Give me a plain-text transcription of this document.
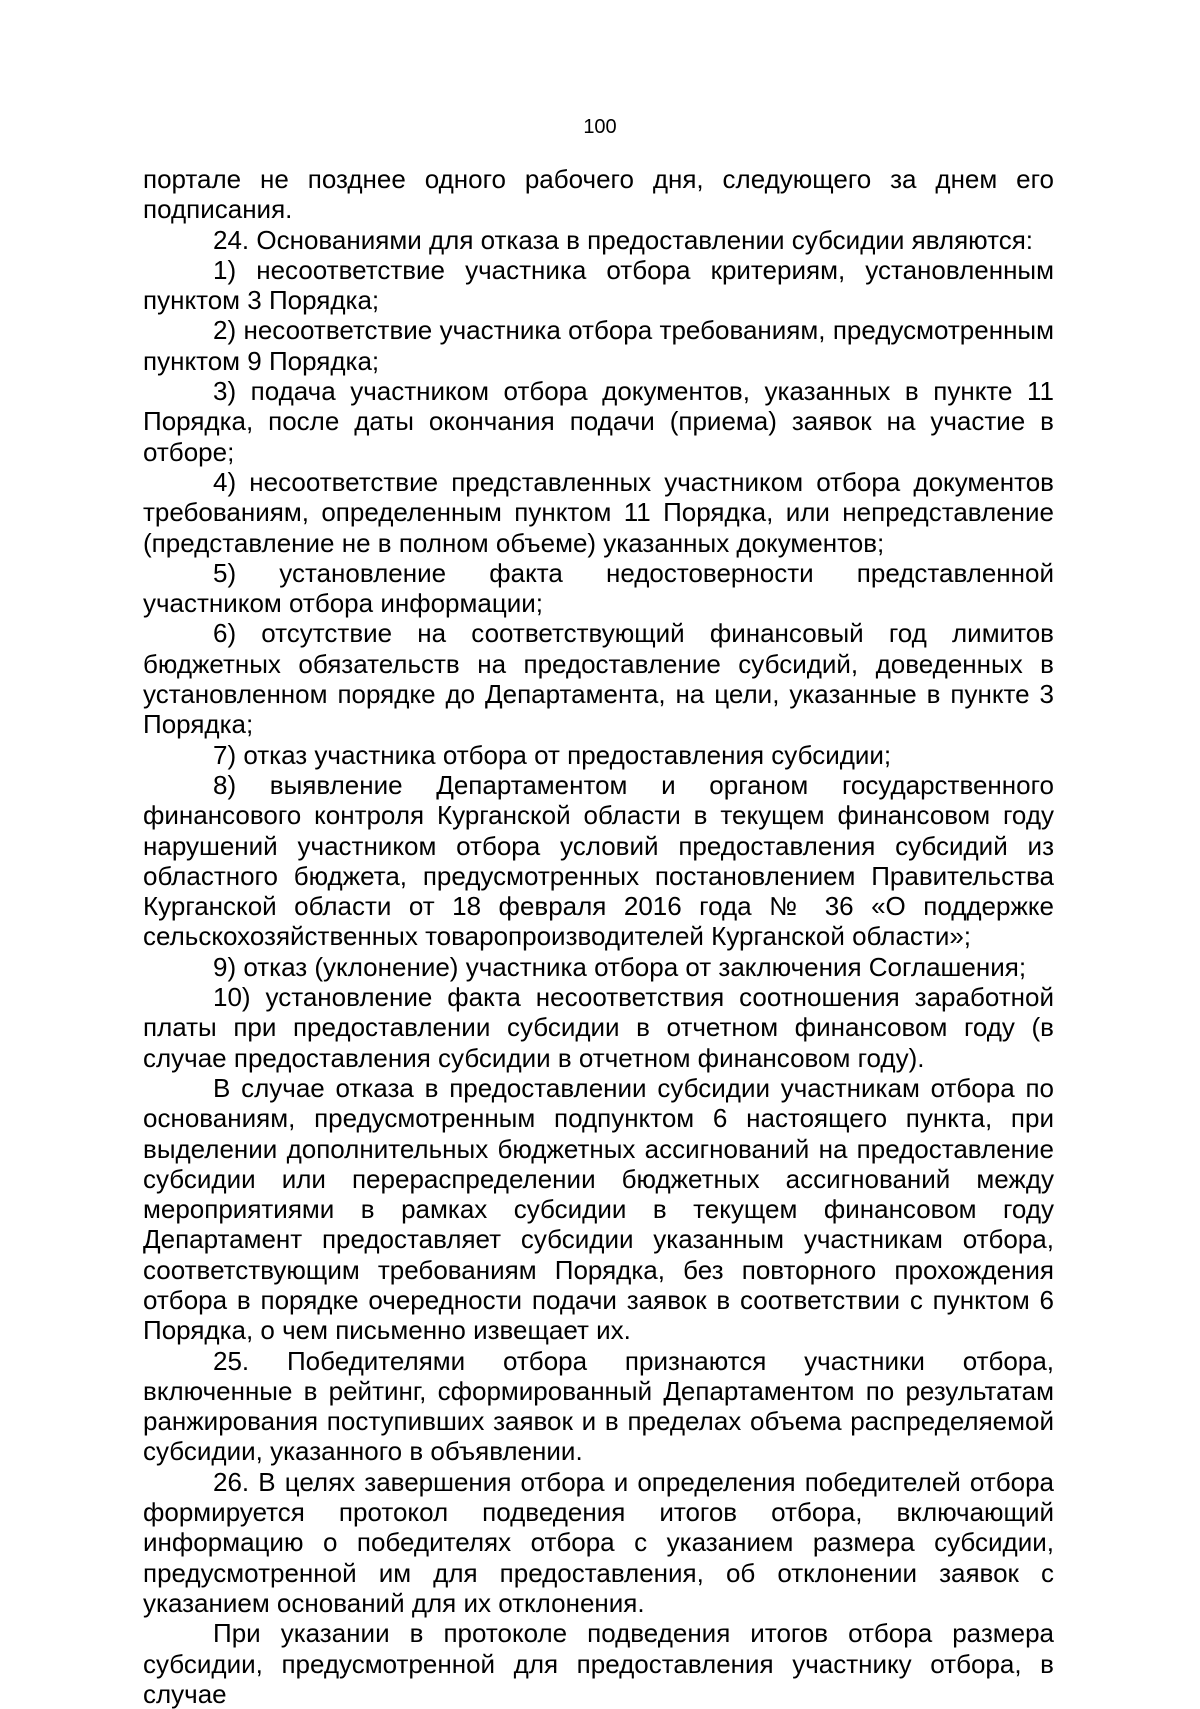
100

портале не позднее одного рабочего дня, следующего за днем его подписания.

24. Основаниями для отказа в предоставлении субсидии являются:

1) несоответствие участника отбора критериям, установленным пунктом 3 Порядка;

2) несоответствие участника отбора требованиям, предусмотренным пунктом 9 Порядка;

3) подача участником отбора документов, указанных в пункте 11 Порядка, после даты окончания подачи (приема) заявок на участие в отборе;

4) несоответствие представленных участником отбора документов требованиям, определенным пунктом 11 Порядка, или непредставление (представление не в полном объеме) указанных документов;

5) установление факта недостоверности представленной участником отбора информации;

6) отсутствие на соответствующий финансовый год лимитов бюджетных обязательств на предоставление субсидий, доведенных в установленном порядке до Департамента, на цели, указанные в пункте 3 Порядка;

7) отказ участника отбора от предоставления субсидии;

8) выявление Департаментом и органом государственного финансового контроля Курганской области в текущем финансовом году нарушений участником отбора условий предоставления субсидий из областного бюджета, предусмотренных постановлением Правительства Курганской области от 18 февраля 2016 года № 36 «О поддержке сельскохозяйственных товаропроизводителей Курганской области»;

9) отказ (уклонение) участника отбора от заключения Соглашения;

10) установление факта несоответствия соотношения заработной платы при предоставлении субсидии в отчетном финансовом году (в случае предоставления субсидии в отчетном финансовом году).

В случае отказа в предоставлении субсидии участникам отбора по основаниям, предусмотренным подпунктом 6 настоящего пункта, при выделении дополнительных бюджетных ассигнований на предоставление субсидии или перераспределении бюджетных ассигнований между мероприятиями в рамках субсидии в текущем финансовом году Департамент предоставляет субсидии указанным участникам отбора, соответствующим требованиям Порядка, без повторного прохождения отбора в порядке очередности подачи заявок в соответствии с пунктом 6 Порядка, о чем письменно извещает их.

25. Победителями отбора признаются участники отбора, включенные в рейтинг, сформированный Департаментом по результатам ранжирования поступивших заявок и в пределах объема распределяемой субсидии, указанного в объявлении.

26. В целях завершения отбора и определения победителей отбора формируется протокол подведения итогов отбора, включающий информацию о победителях отбора с указанием размера субсидии, предусмотренной им для предоставления, об отклонении заявок с указанием оснований для их отклонения.

При указании в протоколе подведения итогов отбора размера субсидии, предусмотренной для предоставления участнику отбора, в случае
